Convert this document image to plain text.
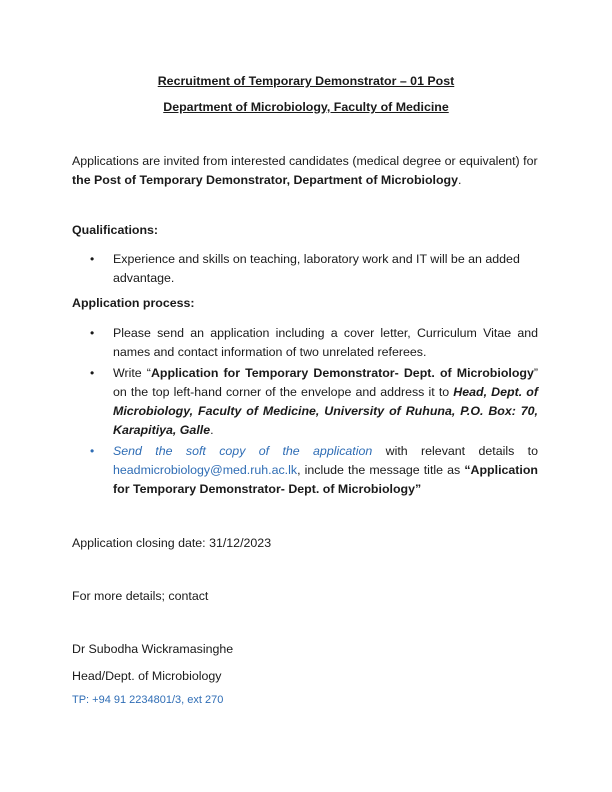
Recruitment of Temporary Demonstrator – 01 Post
Department of Microbiology, Faculty of Medicine
Applications are invited from interested candidates (medical degree or equivalent) for the Post of Temporary Demonstrator, Department of Microbiology.
Qualifications:
• Experience and skills on teaching, laboratory work and IT will be an added advantage.
Application process:
• Please send an application including a cover letter, Curriculum Vitae and names and contact information of two unrelated referees.
• Write “Application for Temporary Demonstrator- Dept. of Microbiology” on the top left-hand corner of the envelope and address it to Head, Dept. of Microbiology, Faculty of Medicine, University of Ruhuna, P.O. Box: 70, Karapitiya, Galle.
• Send the soft copy of the application with relevant details to headmicrobiology@med.ruh.ac.lk, include the message title as “Application for Temporary Demonstrator- Dept. of Microbiology”
Application closing date: 31/12/2023
For more details; contact
Dr Subodha Wickramasinghe
Head/Dept. of Microbiology
TP: +94 91 2234801/3, ext 270
